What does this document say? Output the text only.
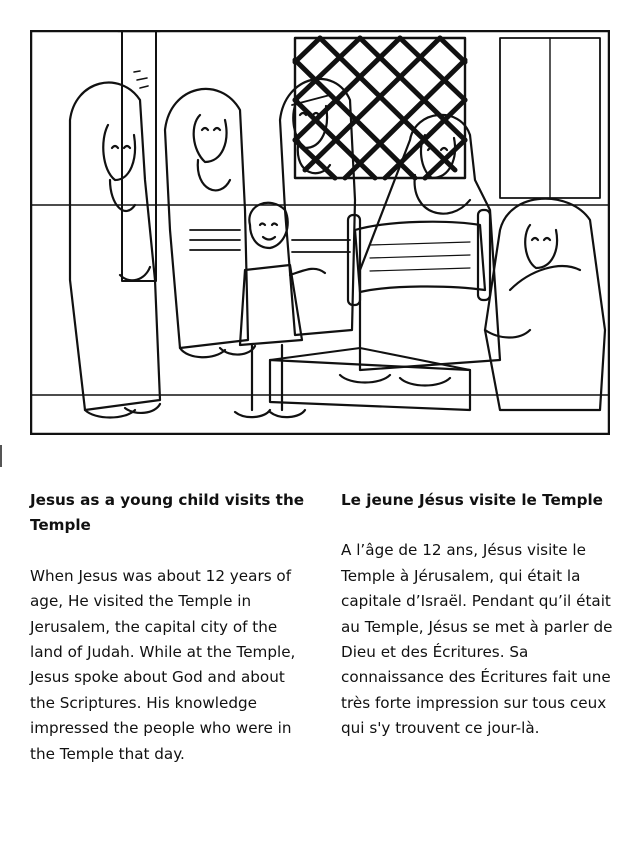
Jesus as a young child visits the Temple

When Jesus was about 12 years of age, He visited the Temple in Jerusalem, the capital city of the land of Judah. While at the Temple, Jesus spoke about God and about the Scriptures. His knowledge impressed the people who were in the Temple that day.

Le jeune Jésus visite le Temple

A l’âge de 12 ans, Jésus visite le Temple à Jérusalem, qui était la capitale d’Israël. Pendant qu’il était au Temple, Jésus se met à parler de Dieu et des Écritures. Sa connaissance des Écritures fait une très forte impression sur tous ceux qui s'y trouvent ce jour-là.
